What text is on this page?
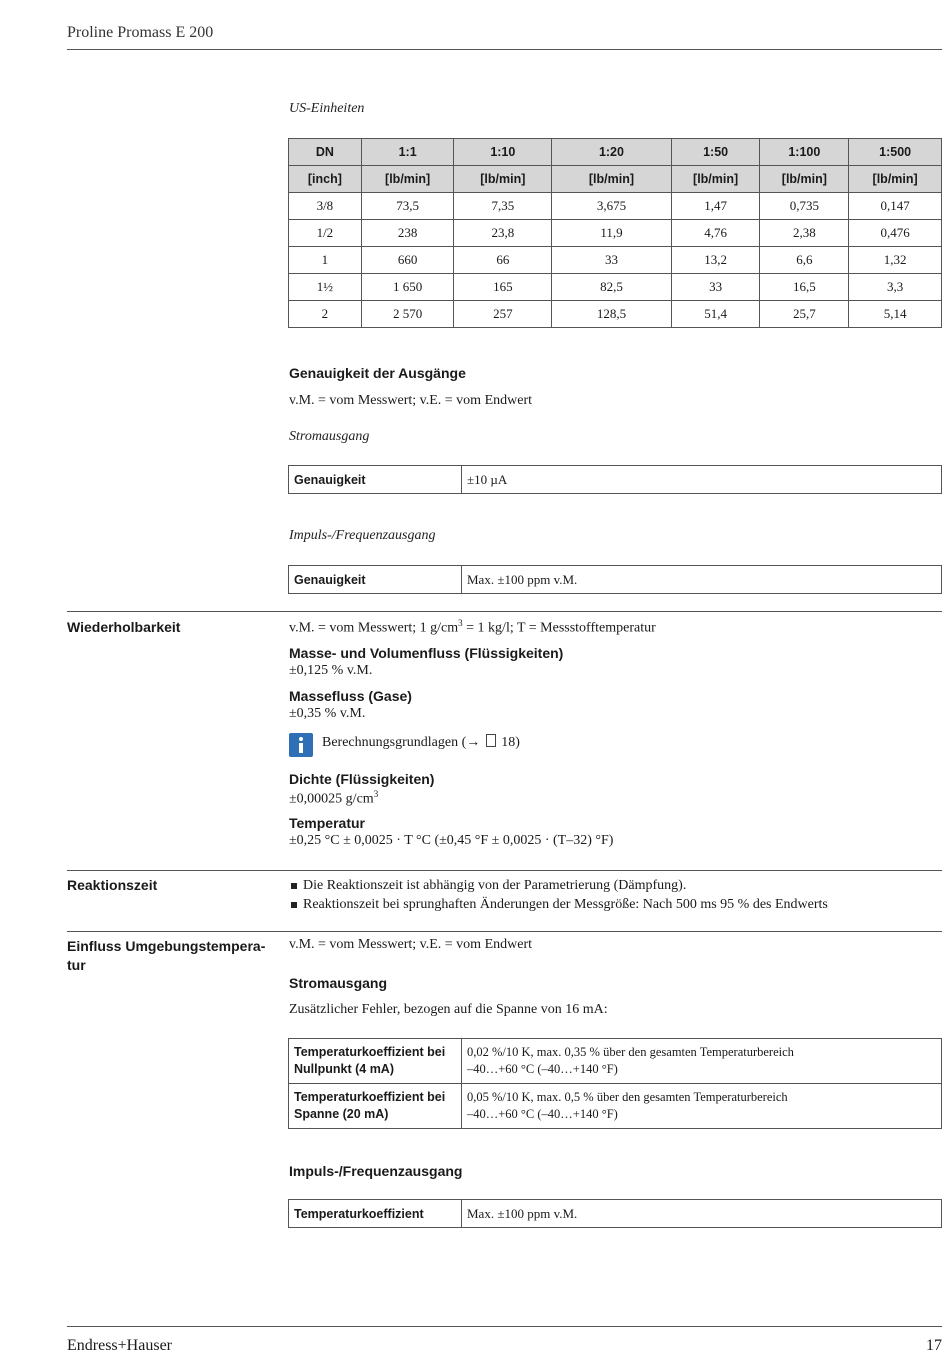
Proline Promass E 200
US-Einheiten
DN	1:1	1:10	1:20	1:50	1:100	1:500
[inch]	[lb/min]	[lb/min]	[lb/min]	[lb/min]	[lb/min]	[lb/min]
3/8	73,5	7,35	3,675	1,47	0,735	0,147
1/2	238	23,8	11,9	4,76	2,38	0,476
1	660	66	33	13,2	6,6	1,32
1½	1 650	165	82,5	33	16,5	3,3
2	2 570	257	128,5	51,4	25,7	5,14
Genauigkeit der Ausgänge
v.M. = vom Messwert; v.E. = vom Endwert
Stromausgang
Genauigkeit	±10 µA
Impuls-/Frequenzausgang
Genauigkeit	Max. ±100 ppm v.M.
Wiederholbarkeit	v.M. = vom Messwert; 1 $g/cm^3 = 1$ kg/l; T = Messstofftemperatur
Masse- und Volumenfluss (Flüssigkeiten)
±0,125 % v.M.
Massefluss (Gase)
±0,35 % v.M.
Berechnungsgrundlagen (→  18)
Dichte (Flüssigkeiten)
±0,00025 $g/cm^3$
Temperatur
±0,25 °C ± 0,0025 · T °C (±0,45 °F ± 0,0025 · (T–32) °F)
Reaktionszeit	Die Reaktionszeit ist abhängig von der Parametrierung (Dämpfung).
Reaktionszeit bei sprunghaften Änderungen der Messgröße: Nach 500 ms 95 % des Endwerts
Einfluss Umgebungstempera-tur
v.M. = vom Messwert; v.E. = vom Endwert
Stromausgang
Zusätzlicher Fehler, bezogen auf die Spanne von 16 mA:
Temperaturkoeffizient bei Nullpunkt (4 mA)	0,02 %/10 K, max. 0,35 % über den gesamten Temperaturbereich
–40…+60 °C (–40…+140 °F)

Temperaturkoeffizient bei Spanne (20 mA)	0,05 %/10 K, max. 0,5 % über den gesamten Temperaturbereich
–40…+60 °C (–40…+140 °F)
Impuls-/Frequenzausgang
Temperaturkoeffizient	Max. ±100 ppm v.M.
Endress+Hauser	17
